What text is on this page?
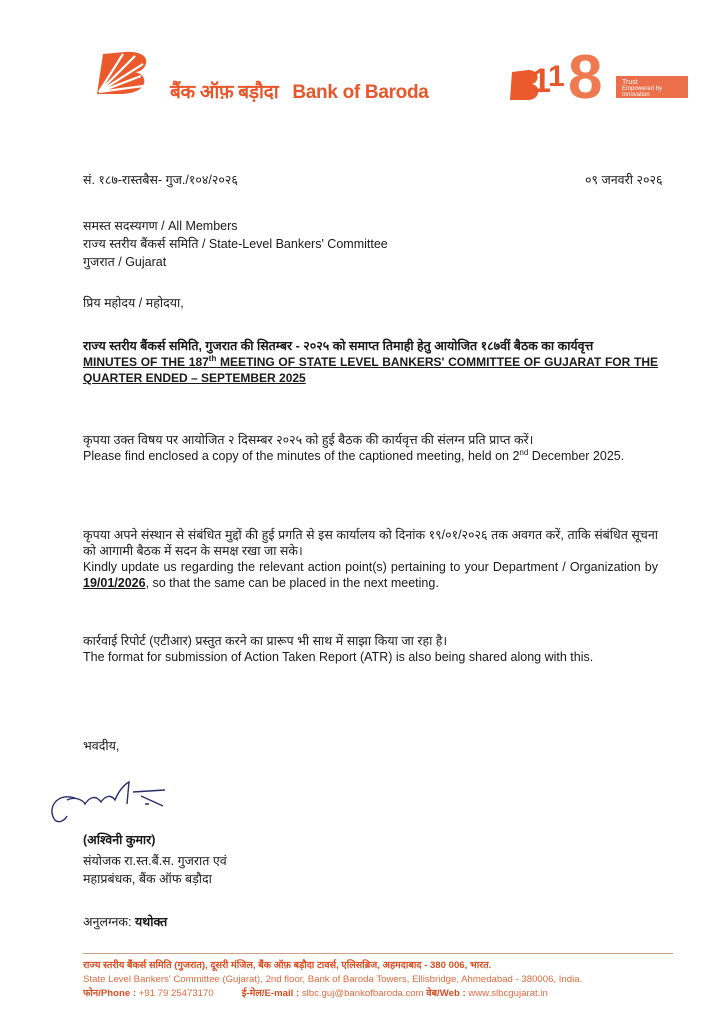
बैंक ऑफ़ बड़ौदा Bank of Baroda	1
1 8	Trust
Empowered by
Innovation
सं. १८७-रास्तबैस- गुज./१०४/२०२६	०९ जनवरी २०२६
समस्त सदस्यगण / All Members
राज्य स्तरीय बैंकर्स समिति / State-Level Bankers' Committee
गुजरात / Gujarat
प्रिय महोदय / महोदया,
राज्य स्तरीय बैंकर्स समिति, गुजरात की सितम्बर - २०२५ को समाप्त तिमाही हेतु आयोजित १८७वीं बैठक का कार्यवृत्त
MINUTES OF THE 187th MEETING OF STATE LEVEL BANKERS' COMMITTEE OF GUJARAT FOR THE QUARTER ENDED – SEPTEMBER 2025
कृपया उक्त विषय पर आयोजित २ दिसम्बर २०२५ को हुई बैठक की कार्यवृत्त की संलग्न प्रति प्राप्त करें।
Please find enclosed a copy of the minutes of the captioned meeting, held on 2nd December 2025.
कृपया अपने संस्थान से संबंधित मुद्दों की हुई प्रगति से इस कार्यालय को दिनांक १९/०१/२०२६ तक अवगत करें, ताकि संबंधित सूचना को आगामी बैठक में सदन के समक्ष रखा जा सके।
Kindly update us regarding the relevant action point(s) pertaining to your Department / Organization by 19/01/2026, so that the same can be placed in the next meeting.
कार्रवाई रिपोर्ट (एटीआर) प्रस्तुत करने का प्रारूप भी साथ में साझा किया जा रहा है।
The format for submission of Action Taken Report (ATR) is also being shared along with this.
भवदीय,
(अश्विनी कुमार)
संयोजक रा.स्त.बैं.स. गुजरात एवं
महाप्रबंधक, बैंक ऑफ बड़ौदा
अनुलग्नक: यथोक्त
राज्य स्तरीय बैंकर्स समिति (गुजरात), दूसरी मंजिल, बैंक ऑफ़ बड़ौदा टावर्स, एलिसब्रिज, अहमदाबाद - 380 006, भारत.
State Level Bankers' Committee (Gujarat), 2nd floor, Bank of Baroda Towers, Ellisbridge, Ahmedabad - 380006, India.
फोन/Phone : +91 79 25473170	ई-मेल/E-mail : slbc.guj@bankofbaroda.com वेब/Web : www.slbcgujarat.in
